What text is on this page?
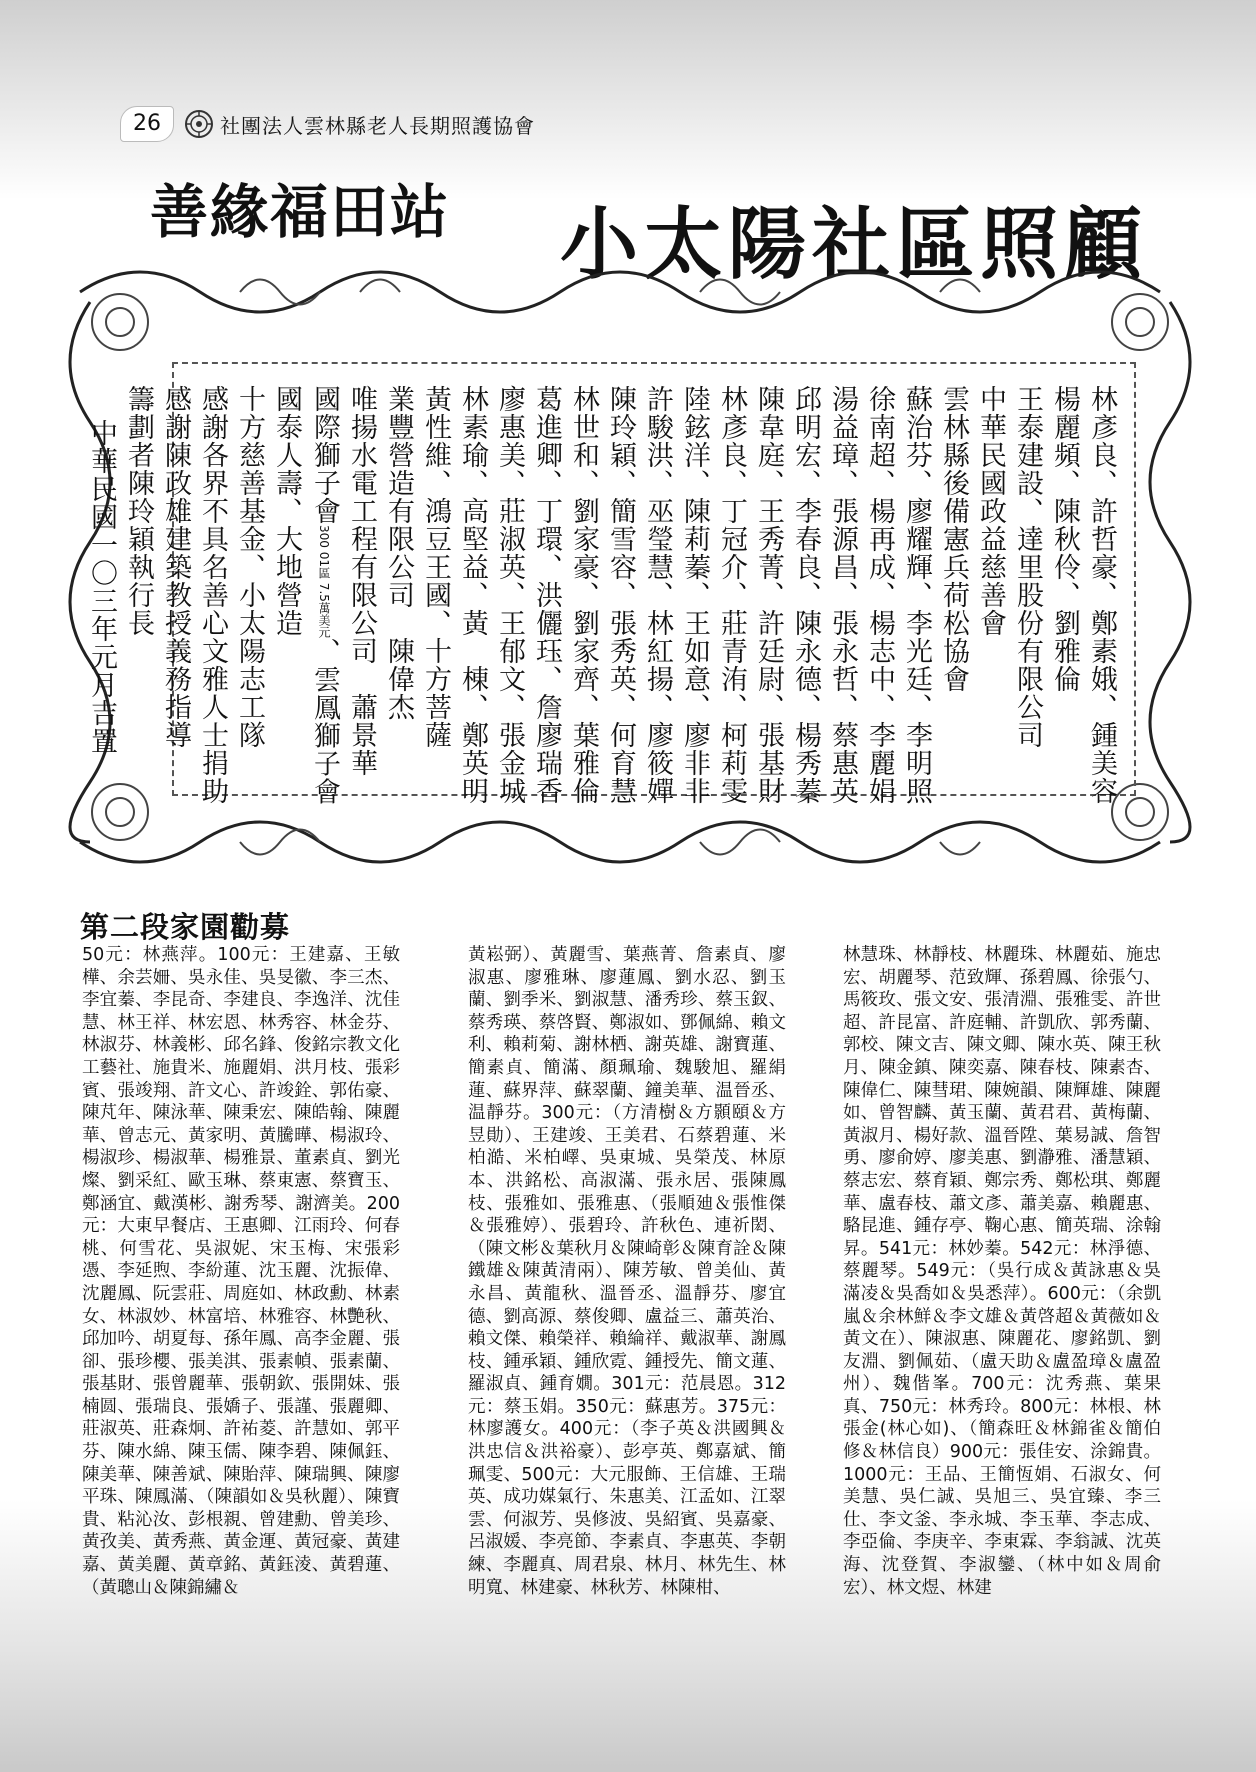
26	社團法人雲林縣老人長期照護協會
善緣福田站 小太陽社區照顧

林彥良、許哲豪、鄭素娥、鍾美容

楊麗頻、陳秋伶、劉雅倫

王泰建設、達里股份有限公司

中華民國政益慈善會

雲林縣後備憲兵荷松協會

蘇治芬、廖耀輝、李光廷、李明照

徐南超、楊再成、楊志中、李麗娟

湯益璋、張源昌、張永哲、蔡惠英

邱明宏、李春良、陳永德、楊秀蓁

陳韋庭、王秀菁、許廷尉、張基財

林彥良、丁冠介、莊青洧、柯莉雯

陸鉉洋、陳莉蓁、王如意、廖非非

許駿洪、巫瑩慧、林紅揚、廖筱嬋

陳玲穎、簡雪容、張秀英、何育慧

林世和、劉家豪、劉家齊、葉雅倫

葛進卿、丁環、洪儷珏、詹廖瑞香

廖惠美、莊淑英、王郁文、張金城

林素瑜、高堅益、黃　棟、鄭英明

黃性維、鴻豆王國、十方菩薩

業豐營造有限公司　陳偉杰

唯揚水電工程有限公司　蕭景華

國際獅子會300 01區 7.5萬美元、雲鳳獅子會

國泰人壽、大地營造

十方慈善基金、小太陽志工隊

感謝各界不具名善心文雅人士捐助

感謝陳政雄建築教授義務指導

籌劃者陳玲穎執行長

中華民國一〇三年元月吉置

第二段家園勸募
50元：林燕萍。100元：王建嘉、王敏樺、余芸姍、吳永佳、吳旻徽、李三杰、李宜蓁、李昆奇、李建良、李逸洋、沈佳慧、林王祥、林宏恩、林秀容、林金芬、林淑芬、林義彬、邱名鋒、俊銘宗教文化工藝社、施貴米、施麗娟、洪月枝、張彩賓、張竣翔、許文心、許竣銓、郭佑豪、陳芃年、陳泳華、陳秉宏、陳皓翰、陳麗華、曾志元、黃家明、黃騰曄、楊淑玲、楊淑珍、楊淑華、楊雅景、董素貞、劉光燦、劉采紅、歐玉琳、蔡東憲、蔡寶玉、鄭涵宜、戴漢彬、謝秀琴、謝濟美。200元：大東早餐店、王惠卿、江雨玲、何春桃、何雪花、吳淑妮、宋玉梅、宋張彩憑、李延煦、李紛蓮、沈玉麗、沈振偉、沈麗鳳、阮雲莊、周庭如、林政勳、林素女、林淑妙、林富培、林雅容、林艷秋、邱加吟、胡夏每、孫年鳳、高李金麗、張卻、張珍櫻、張美淇、張素幀、張素蘭、張基財、張曾麗華、張朝欽、張開妹、張楠圆、張瑞良、張嬌子、張謹、張麗卿、莊淑英、莊森炯、許祐菱、許慧如、郭平芬、陳水綿、陳玉儒、陳李碧、陳佩鈺、陳美華、陳善斌、陳貽萍、陳瑞興、陳廖平珠、陳鳳滿、（陳韻如＆吳秋麗）、陳寶貴、粘沁汝、彭根親、曾建勳、曾美珍、黃孜美、黃秀燕、黃金運、黃冠豪、黃建嘉、黃美麗、黃章銘、黃鈺淩、黃碧蓮、（黃聰山＆陳錦繡＆
黃崧弼）、黃麗雪、葉燕菁、詹素貞、廖淑惠、廖雅琳、廖蓮鳳、劉水忍、劉玉蘭、劉季米、劉淑慧、潘秀珍、蔡玉釵、蔡秀瑛、蔡啓賢、鄭淑如、鄧佩綿、賴文利、賴莉菊、謝林栖、謝英雄、謝寶蓮、簡素貞、簡滿、顏珮瑜、魏駿旭、羅絹蓮、蘇界萍、蘇翠蘭、鐘美華、温晉丞、温靜芬。300元：（方清樹＆方顥頤＆方昱勛）、王建竣、王美君、石蔡碧蓮、米柏澔、米柏嶧、吳東城、吳榮茂、林原本、洪銘松、高淑滿、張永居、張陳鳳枝、張雅如、張雅惠、（張順廸＆張惟傑＆張雅婷）、張碧玲、許秋色、連祈閎、（陳文彬＆葉秋月＆陳崎彰＆陳育詮＆陳鐵雄＆陳黃清兩）、陳芳敏、曾美仙、黃永昌、黃龍秋、溫晉丞、溫靜芬、廖宜德、劉高源、蔡俊卿、盧益三、蕭英治、賴文傑、賴榮祥、賴綸祥、戴淑華、謝鳳枝、鍾承穎、鍾欣霓、鍾授先、簡文蓮、羅淑貞、鍾育嫺。301元：范晨恩。312元：蔡玉娟。350元：蘇惠芳。375元：林廖護女。400元：（李子英＆洪國興＆洪忠信＆洪裕豪）、彭亭英、鄭嘉斌、簡珮雯、500元：大元服飾、王信雄、王瑞英、成功媒氣行、朱惠美、江孟如、江翠雲、何淑芳、吳修波、吳紹賓、吳嘉豪、呂淑媛、李亮節、李素貞、李惠英、李朝練、李麗真、周君泉、林月、林先生、林明寬、林建豪、林秋芳、林陳柑、
林慧珠、林靜枝、林麗珠、林麗茹、施忠宏、胡麗琴、范致輝、孫碧鳳、徐張勺、馬筱玫、張文安、張清淵、張雅雯、許世超、許昆富、許庭輔、許凱欣、郭秀蘭、郭校、陳文吉、陳文卿、陳水英、陳王秋月、陳金鎮、陳奕嘉、陳春枝、陳素杏、陳偉仁、陳彗珺、陳婉韻、陳輝雄、陳麗如、曾智麟、黃玉蘭、黃君君、黃梅蘭、黃淑月、楊好款、溫晉陞、葉易誠、詹智勇、廖俞婷、廖美惠、劉瀞雅、潘慧穎、蔡志宏、蔡育穎、鄭宗秀、鄭松琪、鄭麗華、盧春枝、蕭文彥、蕭美嘉、賴麗惠、駱昆進、鍾存亭、鞠心惠、簡英瑞、涂翰昇。541元：林妙蓁。542元：林淨德、蔡麗琴。549元：（吳行成＆黃詠惠＆吳滿凌＆吳喬如＆吳悉萍）。600元：（余凱嵐＆余林鮮＆李文雄＆黃啓超＆黃薇如＆黃文在）、陳淑惠、陳麗花、廖銘凱、劉友淵、劉佩茹、（盧天助＆盧盈璋＆盧盈州）、魏偕峯。700元：沈秀燕、葉果真、750元：林秀玲。800元：林根、林張金(林心如)、（簡森旺＆林錦雀＆簡伯修＆林信良）900元：張佳安、涂錦貴。1000元：王品、王簡恆娟、石淑女、何美慧、吳仁誠、吳旭三、吳宜臻、李三仕、李文釜、李永城、李玉華、李志成、李亞倫、李庚辛、李東霖、李翁誠、沈英海、沈登賀、李淑鑾、（林中如＆周俞宏）、林文煜、林建
